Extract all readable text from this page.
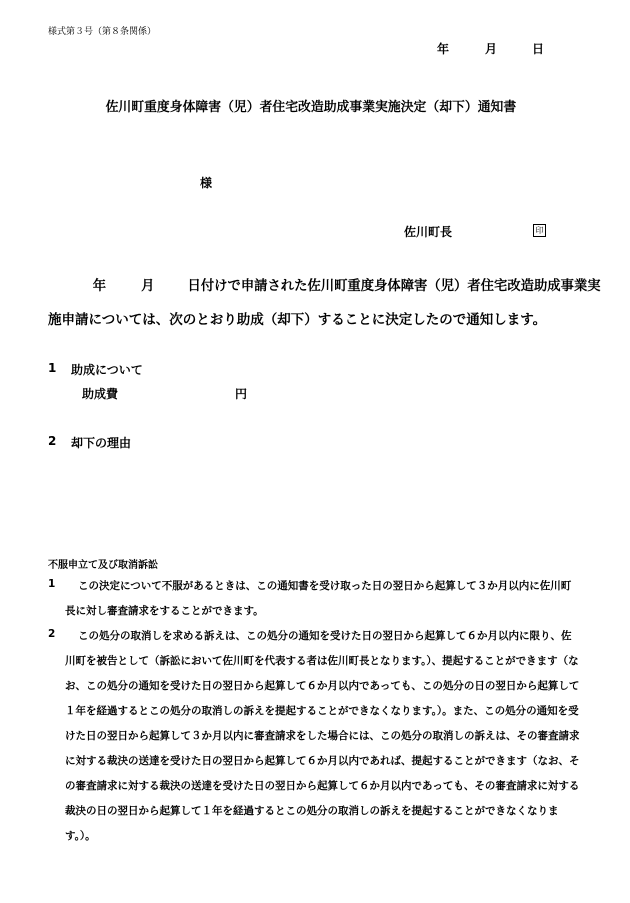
様式第３号（第８条関係）
年	月	日
佐川町重度身体障害（児）者住宅改造助成事業実施決定（却下）通知書
様
佐川町長	印
年	月 日付けで申請された佐川町重度身体障害（児）者住宅改造助成事業実
施申請については、次のとおり助成（却下）することに決定したので通知します。
1 助成について
助成費	円
2 却下の理由
不服申立て及び取消訴訟
1 この決定について不服があるときは、この通知書を受け取った日の翌日から起算して３か月以内に佐川町
長に対し審査請求をすることができます。
2 この処分の取消しを求める訴えは、この処分の通知を受けた日の翌日から起算して６か月以内に限り、佐
川町を被告として（訴訟において佐川町を代表する者は佐川町長となります。）、提起することができます（な
お、この処分の通知を受けた日の翌日から起算して６か月以内であっても、この処分の日の翌日から起算して
１年を経過するとこの処分の取消しの訴えを提起することができなくなります。）。また、この処分の通知を受
けた日の翌日から起算して３か月以内に審査請求をした場合には、この処分の取消しの訴えは、その審査請求
に対する裁決の送達を受けた日の翌日から起算して６か月以内であれば、提起することができます（なお、そ
の審査請求に対する裁決の送達を受けた日の翌日から起算して６か月以内であっても、その審査請求に対する
裁決の日の翌日から起算して１年を経過するとこの処分の取消しの訴えを提起することができなくなりま
す。）。
